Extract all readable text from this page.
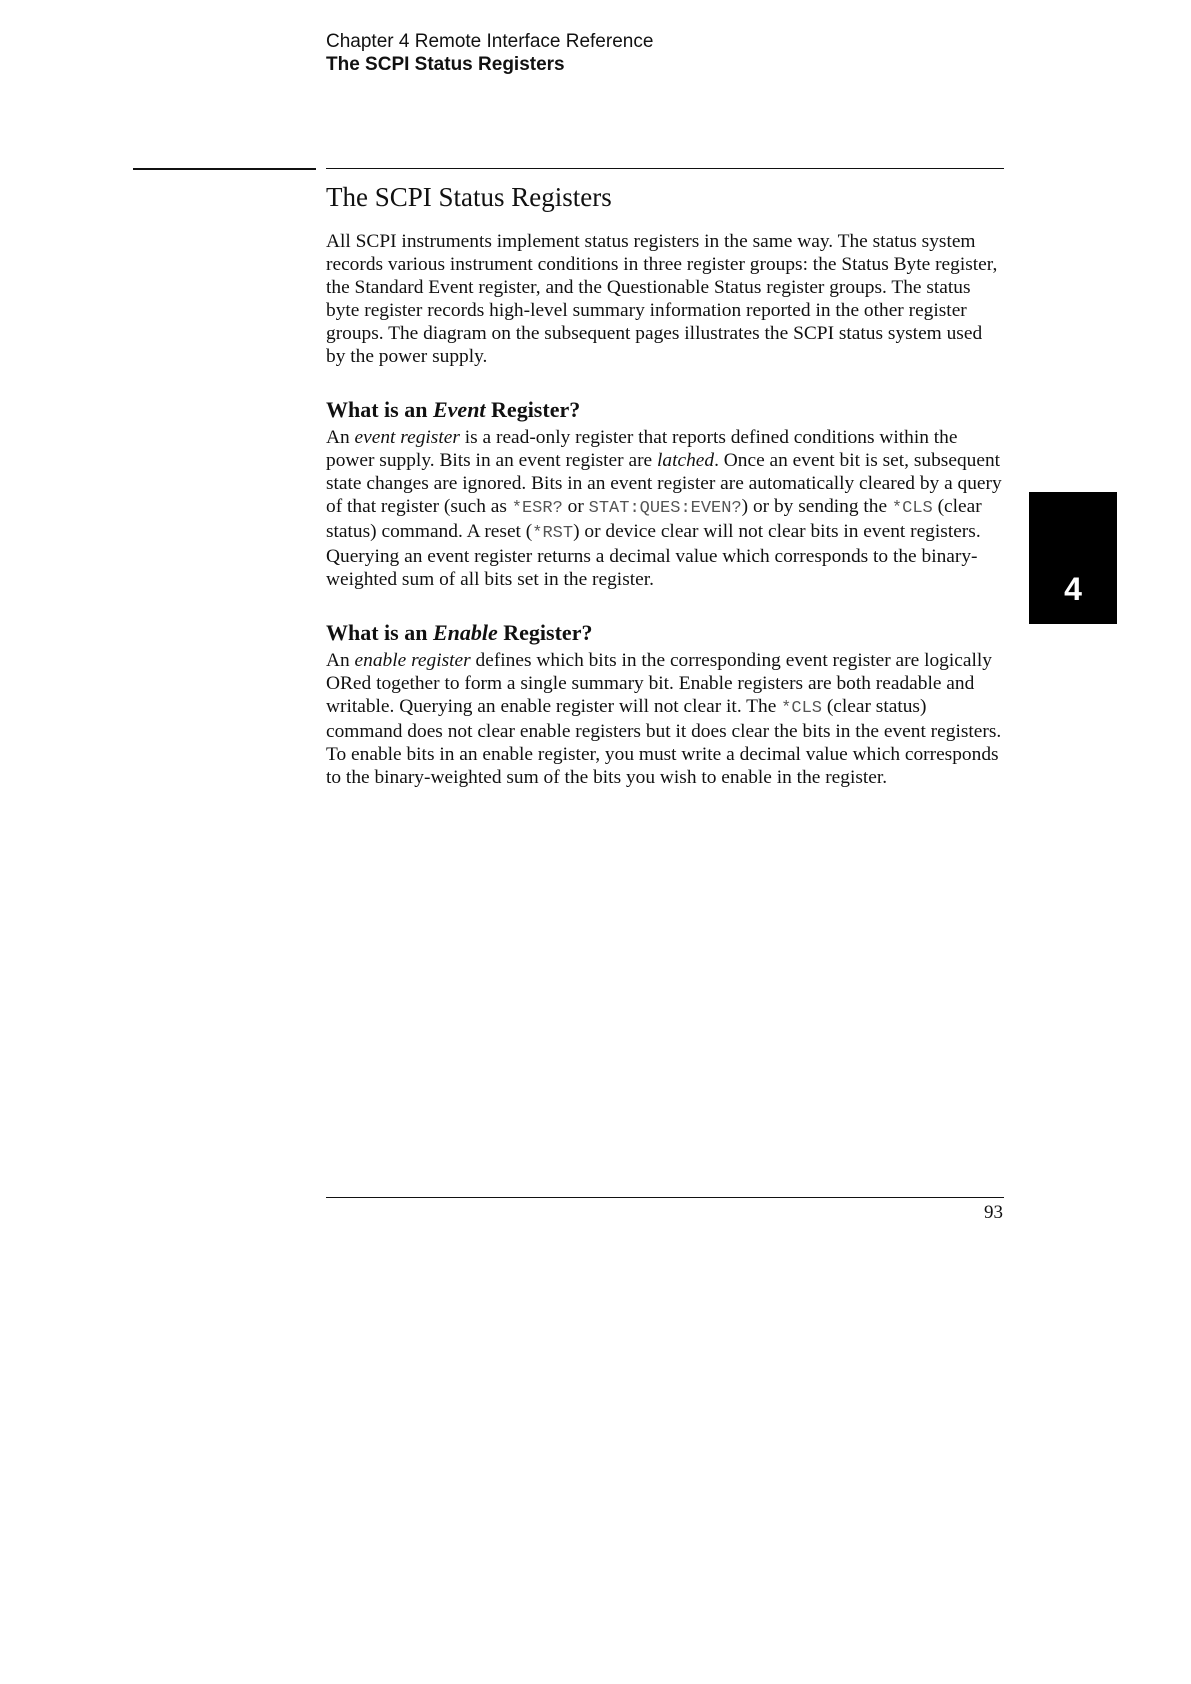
Chapter 4 Remote Interface Reference
The SCPI Status Registers
The SCPI Status Registers

All SCPI instruments implement status registers in the same way. The status system records various instrument conditions in three register groups: the Status Byte register, the Standard Event register, and the Questionable Status register groups. The status byte register records high-level summary information reported in the other register groups. The diagram on the subsequent pages illustrates the SCPI status system used by the power supply.

What is an Event Register?

An event register is a read-only register that reports defined conditions within the power supply. Bits in an event register are latched. Once an event bit is set, subsequent state changes are ignored. Bits in an event register are automatically cleared by a query of that register (such as *ESR? or STAT:QUES:EVEN?) or by sending the *CLS (clear status) command. A reset (*RST) or device clear will not clear bits in event registers. Querying an event register returns a decimal value which corresponds to the binary-weighted sum of all bits set in the register.

What is an Enable Register?

An enable register defines which bits in the corresponding event register are logically ORed together to form a single summary bit. Enable registers are both readable and writable. Querying an enable register will not clear it. The *CLS (clear status) command does not clear enable registers but it does clear the bits in the event registers. To enable bits in an enable register, you must write a decimal value which corresponds to the binary-weighted sum of the bits you wish to enable in the register.

4
93
